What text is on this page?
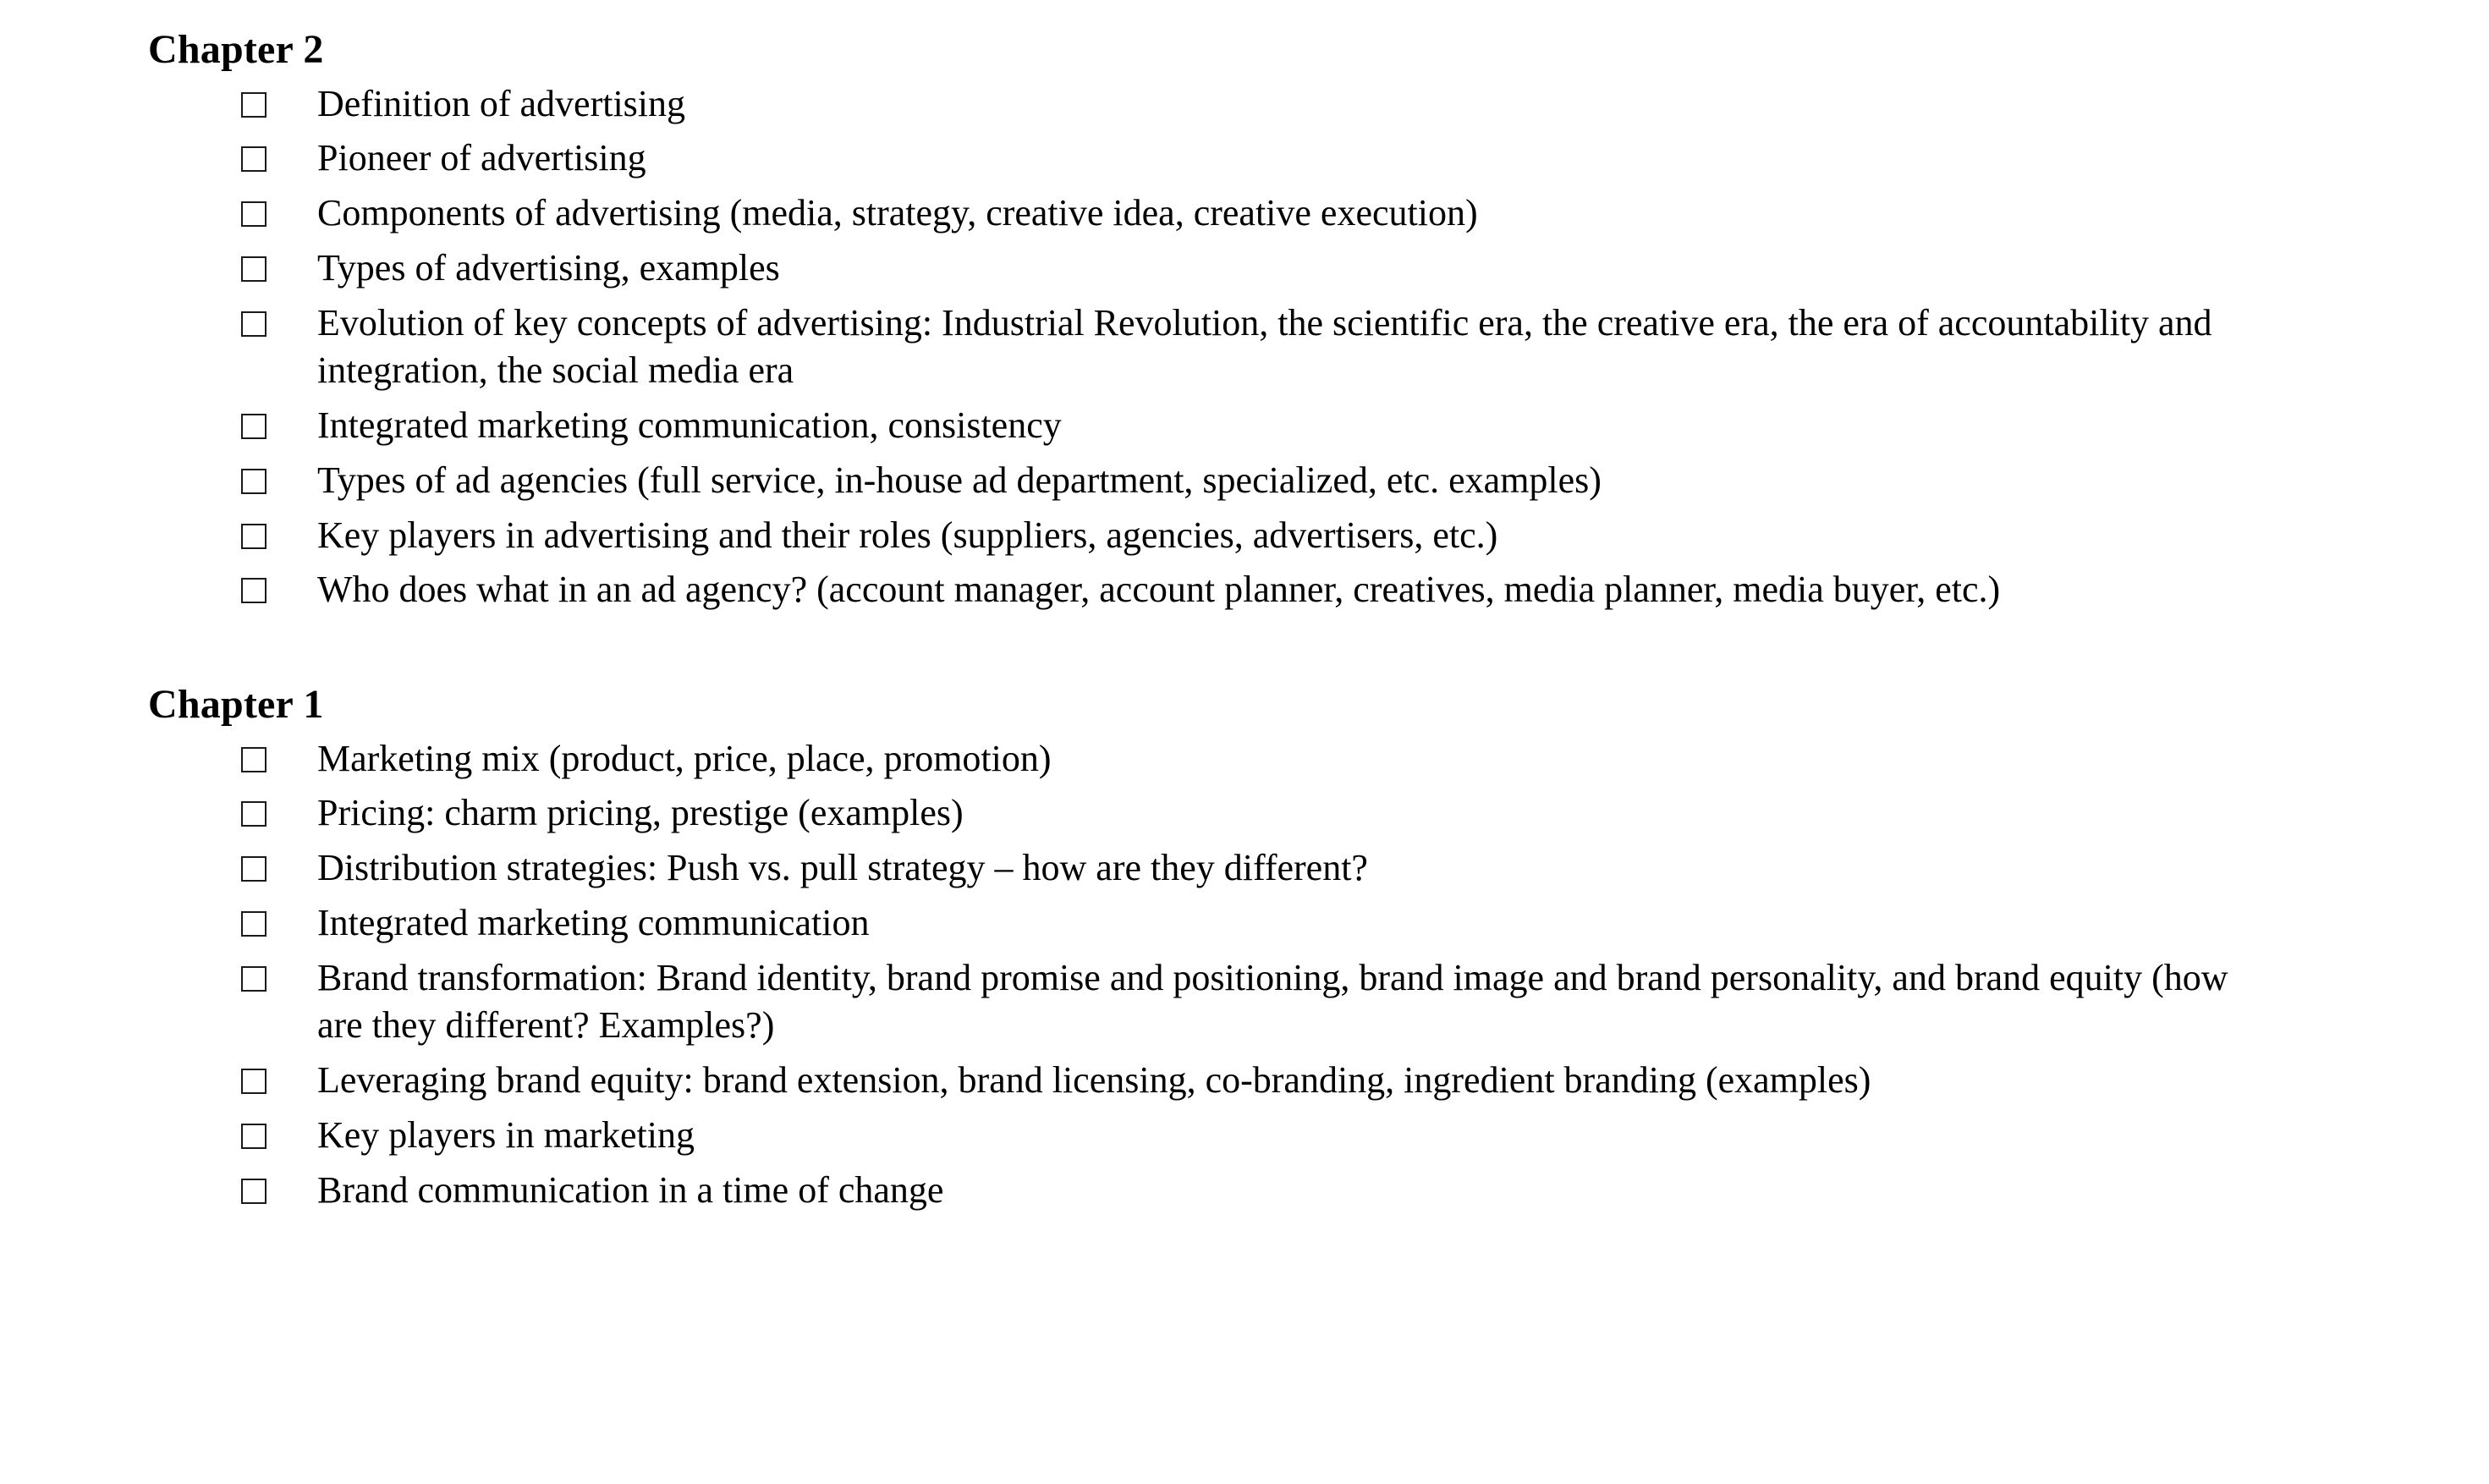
Chapter 2
Definition of advertising
Pioneer of advertising
Components of advertising (media, strategy, creative idea, creative execution)
Types of advertising, examples
Evolution of key concepts of advertising: Industrial Revolution, the scientific era, the creative era, the era of accountability and integration, the social media era
Integrated marketing communication, consistency
Types of ad agencies (full service, in-house ad department, specialized, etc. examples)
Key players in advertising and their roles (suppliers, agencies, advertisers, etc.)
Who does what in an ad agency? (account manager, account planner, creatives, media planner, media buyer, etc.)
Chapter 1
Marketing mix (product, price, place, promotion)
Pricing: charm pricing, prestige (examples)
Distribution strategies: Push vs. pull strategy – how are they different?
Integrated marketing communication
Brand transformation: Brand identity, brand promise and positioning, brand image and brand personality, and brand equity (how are they different? Examples?)
Leveraging brand equity: brand extension, brand licensing, co-branding, ingredient branding (examples)
Key players in marketing
Brand communication in a time of change
